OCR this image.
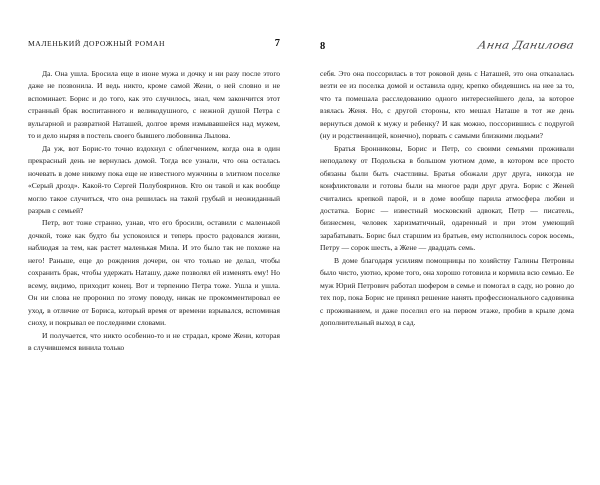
МАЛЕНЬКИЙ ДОРОЖНЫЙ РОМАН	7

Да. Она ушла. Бросила еще в июне мужа и дочку и ни разу после этого даже не позвонила. И ведь никто, кроме самой Жени, о ней словно и не вспоминает. Борис и до того, как это случилось, знал, чем закончится этот странный брак воспитанного и великодушного, с нежной душой Петра с вульгарной и развратной Наташей, долгое время измывавшейся над мужем, то и дело ныряя в постель своего бывшего любовника Лылова.

Да уж, вот Борис-то точно вздохнул с облегчением, когда она в один прекрасный день не вернулась домой. Тогда все узнали, что она осталась ночевать в доме никому пока еще не известного мужчины в элитном поселке «Серый дрозд». Какой-то Сергей Полубояринов. Кто он такой и как вообще могло такое случиться, что она решилась на такой грубый и неожиданный разрыв с семьей?

Петр, вот тоже странно, узнав, что его бросили, оставили с маленькой дочкой, тоже как будто бы успокоился и теперь просто радовался жизни, наблюдая за тем, как растет маленькая Мила. И это было так не похоже на него! Раньше, еще до рождения дочери, он что только не делал, чтобы сохранить брак, чтобы удержать Наташу, даже позволял ей изменять ему! Но всему, видимо, приходит конец. Вот и терпению Петра тоже. Ушла и ушла. Он ни слова не проронил по этому поводу, никак не прокомментировал ее уход, в отличие от Бориса, который время от времени взрывался, вспоминая сноху, и покрывал ее последними словами.

И получается, что никто особенно-то и не страдал, кроме Жени, которая в случившемся винила только

8	Анна Данилова

себя. Это она поссорилась в тот роковой день с Наташей, это она отказалась везти ее из поселка домой и оставила одну, крепко обидевшись на нее за то, что та помешала расследованию одного интереснейшего дела, за которое взялась Женя. Но, с другой стороны, кто мешал Наташе в тот же день вернуться домой к мужу и ребенку? И как можно, поссорившись с подругой (ну и родственницей, конечно), порвать с самыми близкими людьми?

Братья Бронниковы, Борис и Петр, со своими семьями проживали неподалеку от Подольска в большом уютном доме, в котором все просто обязаны были быть счастливы. Братья обожали друг друга, никогда не конфликтовали и готовы были на многое ради друг друга. Борис с Женей считались крепкой парой, и в доме вообще парила атмосфера любви и достатка. Борис — известный московский адвокат, Петр — писатель, бизнесмен, человек харизматичный, одаренный и при этом умеющий зарабатывать. Борис был старшим из братьев, ему исполнилось сорок восемь, Петру — сорок шесть, а Жене — двадцать семь.

В доме благодаря усилиям помощницы по хозяйству Галины Петровны было чисто, уютно, кроме того, она хорошо готовила и кормила всю семью. Ее муж Юрий Петрович работал шофером в семье и помогал в саду, но ровно до тех пор, пока Борис не принял решение нанять профессионального садовника с проживанием, и даже поселил его на первом этаже, пробив в крыле дома дополнительный выход в сад.
